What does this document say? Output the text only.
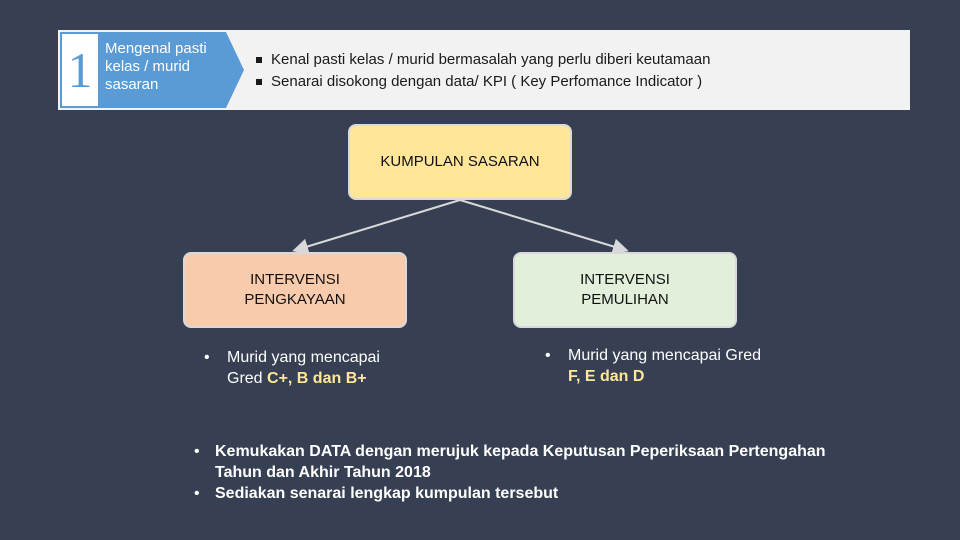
1 Mengenal pasti kelas / murid sasaran
Kenal pasti kelas / murid bermasalah yang perlu diberi keutamaan
Senarai disokong dengan data/ KPI ( Key Perfomance Indicator )
KUMPULAN SASARAN
INTERVENSI PENGKAYAAN
INTERVENSI PEMULIHAN
• Murid yang mencapai Gred C+, B dan B+
• Murid yang mencapai Gred F, E dan D
• Kemukakan DATA dengan merujuk kepada Keputusan Peperiksaan Pertengahan Tahun dan Akhir Tahun 2018
• Sediakan senarai lengkap kumpulan tersebut
